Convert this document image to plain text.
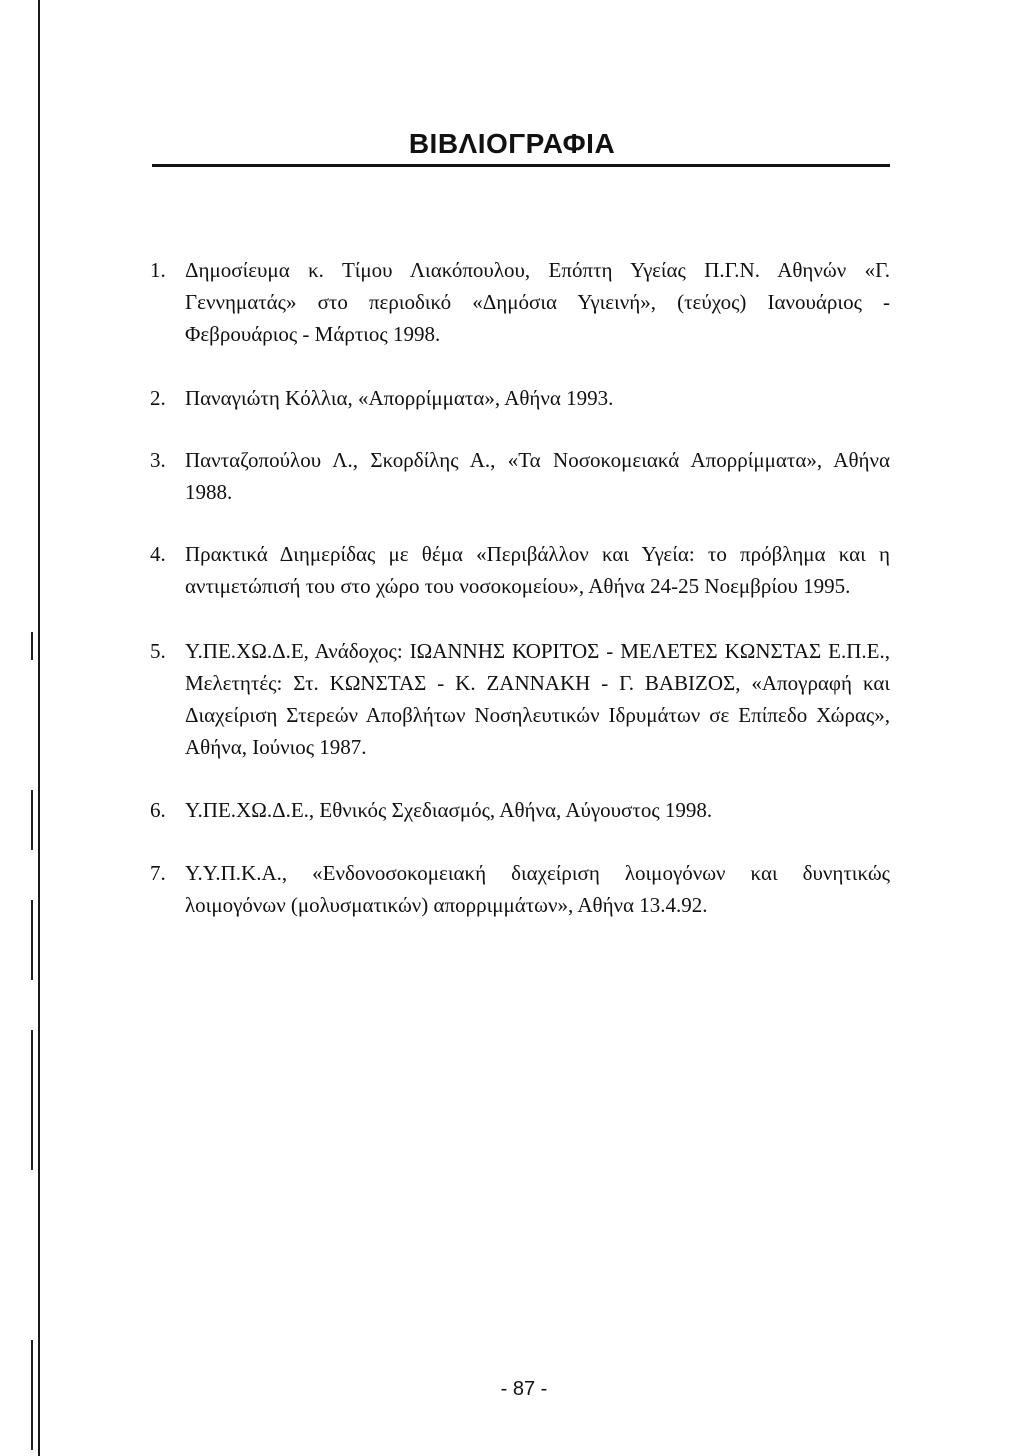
ΒΙΒΛΙΟΓΡΑΦΙΑ
1. Δημοσίευμα κ. Τίμου Λιακόπουλου, Επόπτη Υγείας Π.Γ.Ν. Αθηνών «Γ. Γεννηματάς» στο περιοδικό «Δημόσια Υγιεινή», (τεύχος) Ιανουάριος - Φεβρουάριος - Μάρτιος 1998.
2. Παναγιώτη Κόλλια, «Απορρίμματα», Αθήνα 1993.
3. Πανταζοπούλου Λ., Σκορδίλης Α., «Τα Νοσοκομειακά Απορρίμματα», Αθήνα 1988.
4. Πρακτικά Διημερίδας με θέμα «Περιβάλλον και Υγεία: το πρόβλημα και η αντιμετώπισή του στο χώρο του νοσοκομείου», Αθήνα 24-25 Νοεμβρίου 1995.
5. Υ.ΠΕ.ΧΩ.Δ.Ε, Ανάδοχος: ΙΩΑΝΝΗΣ ΚΟΡΙΤΟΣ - ΜΕΛΕΤΕΣ ΚΩΝΣΤΑΣ Ε.Π.Ε., Μελετητές: Στ. ΚΩΝΣΤΑΣ - Κ. ΖΑΝΝΑΚΗ - Γ. ΒΑΒΙΖΟΣ, «Απογραφή και Διαχείριση Στερεών Αποβλήτων Νοσηλευτικών Ιδρυμάτων σε Επίπεδο Χώρας», Αθήνα, Ιούνιος 1987.
6. Υ.ΠΕ.ΧΩ.Δ.Ε., Εθνικός Σχεδιασμός, Αθήνα, Αύγουστος 1998.
7. Υ.Υ.Π.Κ.Α., «Ενδονοσοκομειακή διαχείριση λοιμογόνων και δυνητικώς λοιμογόνων (μολυσματικών) απορριμμάτων», Αθήνα 13.4.92.
- 87 -
